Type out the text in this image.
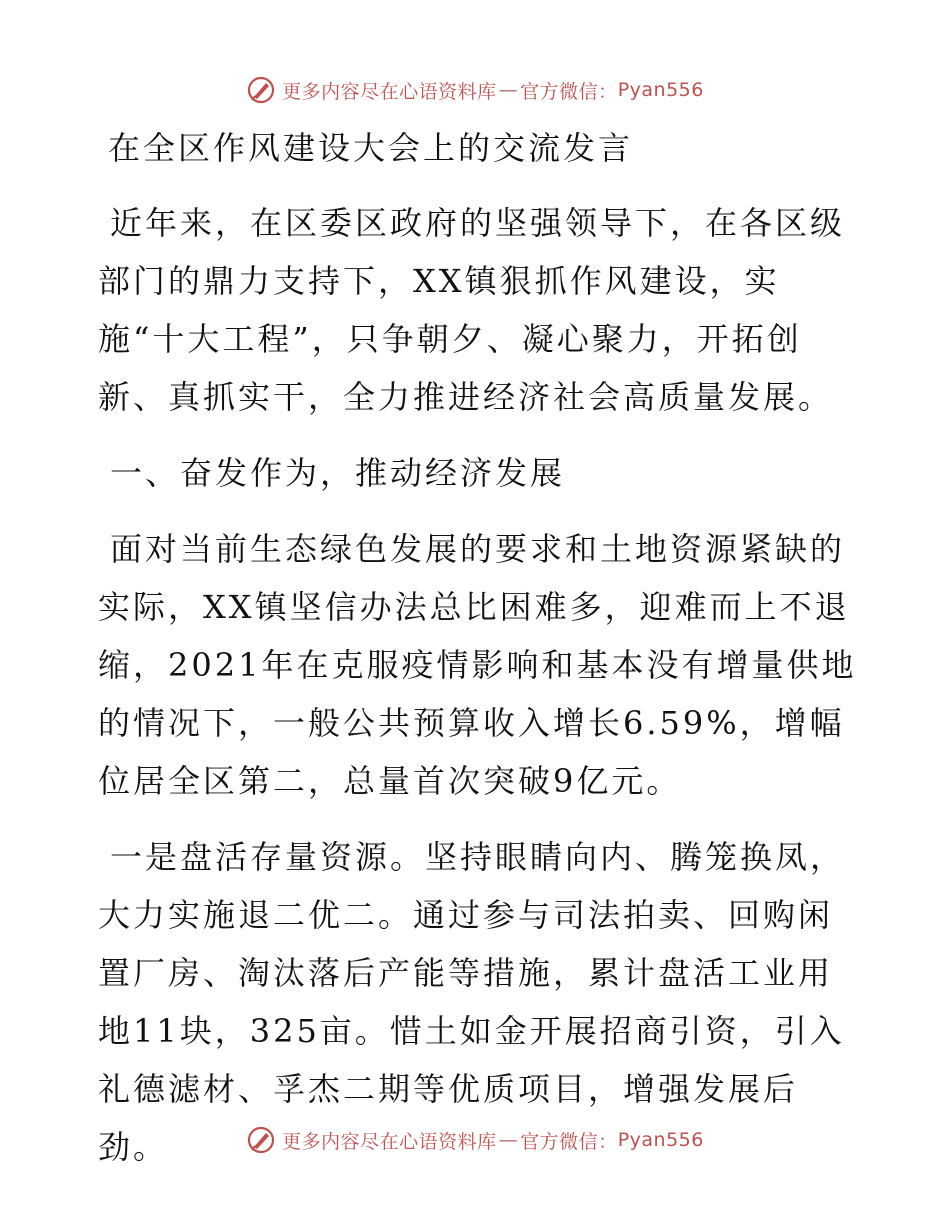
更多内容尽在心语资料库 — 官方微信： Pyan556
在全区作风建设大会上的交流发言

近年来，在区委区政府的坚强领导下，在各区级部门的鼎力支持下，XX镇狠抓作风建设，实施“十大工程”，只争朝夕、凝心聚力，开拓创新、真抓实干，全力推进经济社会高质量发展。

一、奋发作为，推动经济发展

面对当前生态绿色发展的要求和土地资源紧缺的实际，XX镇坚信办法总比困难多，迎难而上不退缩，2021年在克服疫情影响和基本没有增量供地的情况下，一般公共预算收入增长6.59%，增幅位居全区第二，总量首次突破9亿元。

一是盘活存量资源。坚持眼睛向内、腾笼换凤，大力实施退二优二。通过参与司法拍卖、回购闲置厂房、淘汰落后产能等措施，累计盘活工业用地11块，325亩。惜土如金开展招商引资，引入礼德滤材、孚杰二期等优质项目，增强发展后劲。	更多内容尽在心语资料库 — 官方微信： Pyan556
